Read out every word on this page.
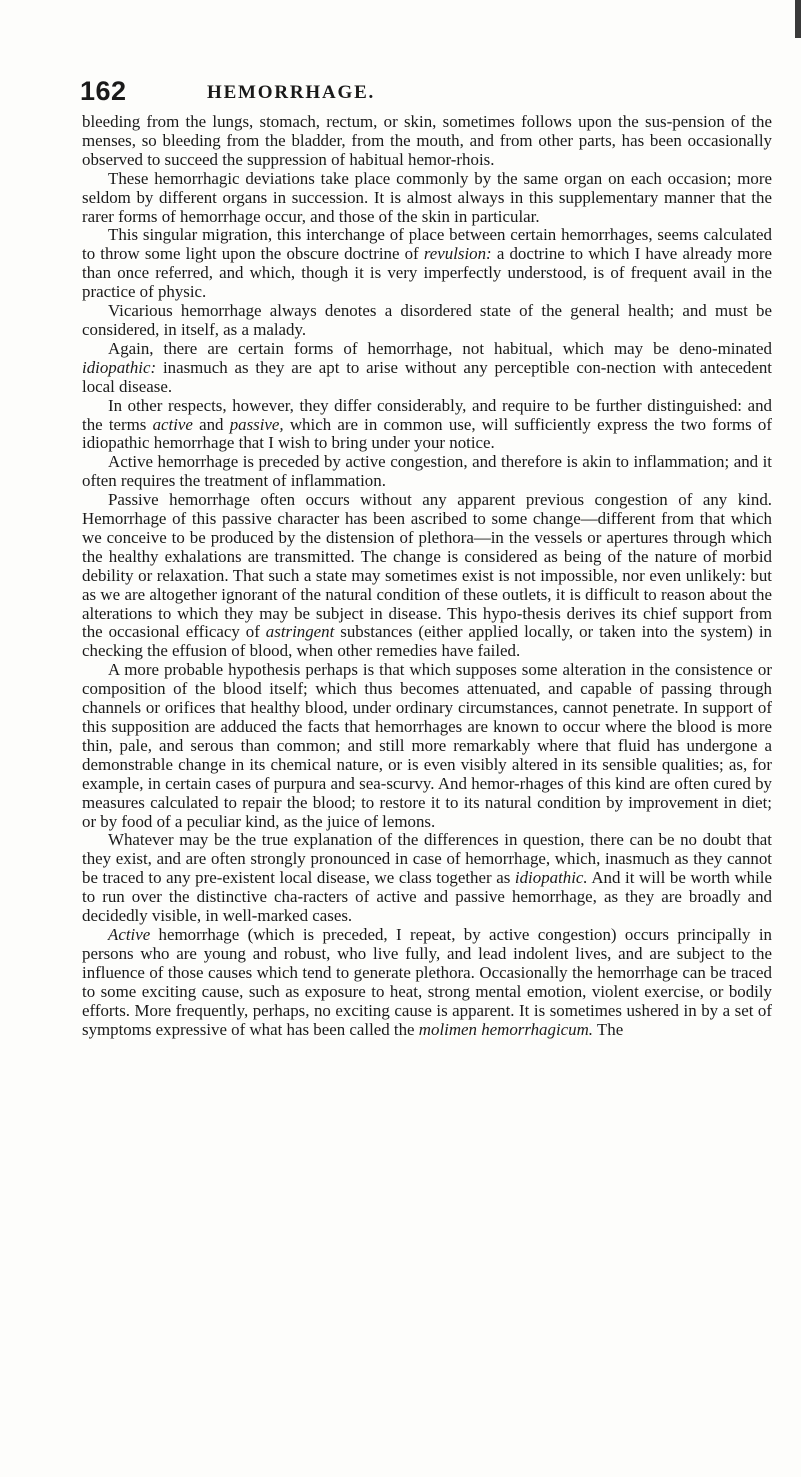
162	HEMORRHAGE.

bleeding from the lungs, stomach, rectum, or skin, sometimes follows upon the sus-pension of the menses, so bleeding from the bladder, from the mouth, and from other parts, has been occasionally observed to succeed the suppression of habitual hemor-rhois.

These hemorrhagic deviations take place commonly by the same organ on each occasion; more seldom by different organs in succession. It is almost always in this supplementary manner that the rarer forms of hemorrhage occur, and those of the skin in particular.

This singular migration, this interchange of place between certain hemorrhages, seems calculated to throw some light upon the obscure doctrine of revulsion: a doctrine to which I have already more than once referred, and which, though it is very imperfectly understood, is of frequent avail in the practice of physic.

Vicarious hemorrhage always denotes a disordered state of the general health; and must be considered, in itself, as a malady.

Again, there are certain forms of hemorrhage, not habitual, which may be deno-minated idiopathic: inasmuch as they are apt to arise without any perceptible con-nection with antecedent local disease.

In other respects, however, they differ considerably, and require to be further distinguished: and the terms active and passive, which are in common use, will sufficiently express the two forms of idiopathic hemorrhage that I wish to bring under your notice.

Active hemorrhage is preceded by active congestion, and therefore is akin to inflammation; and it often requires the treatment of inflammation.

Passive hemorrhage often occurs without any apparent previous congestion of any kind. Hemorrhage of this passive character has been ascribed to some change—different from that which we conceive to be produced by the distension of plethora—in the vessels or apertures through which the healthy exhalations are transmitted. The change is considered as being of the nature of morbid debility or relaxation. That such a state may sometimes exist is not impossible, nor even unlikely: but as we are altogether ignorant of the natural condition of these outlets, it is difficult to reason about the alterations to which they may be subject in disease. This hypo-thesis derives its chief support from the occasional efficacy of astringent substances (either applied locally, or taken into the system) in checking the effusion of blood, when other remedies have failed.

A more probable hypothesis perhaps is that which supposes some alteration in the consistence or composition of the blood itself; which thus becomes attenuated, and capable of passing through channels or orifices that healthy blood, under ordinary circumstances, cannot penetrate. In support of this supposition are adduced the facts that hemorrhages are known to occur where the blood is more thin, pale, and serous than common; and still more remarkably where that fluid has undergone a demonstrable change in its chemical nature, or is even visibly altered in its sensible qualities; as, for example, in certain cases of purpura and sea-scurvy. And hemor-rhages of this kind are often cured by measures calculated to repair the blood; to restore it to its natural condition by improvement in diet; or by food of a peculiar kind, as the juice of lemons.

Whatever may be the true explanation of the differences in question, there can be no doubt that they exist, and are often strongly pronounced in case of hemorrhage, which, inasmuch as they cannot be traced to any pre-existent local disease, we class together as idiopathic. And it will be worth while to run over the distinctive cha-racters of active and passive hemorrhage, as they are broadly and decidedly visible, in well-marked cases.

Active hemorrhage (which is preceded, I repeat, by active congestion) occurs principally in persons who are young and robust, who live fully, and lead indolent lives, and are subject to the influence of those causes which tend to generate plethora. Occasionally the hemorrhage can be traced to some exciting cause, such as exposure to heat, strong mental emotion, violent exercise, or bodily efforts. More frequently, perhaps, no exciting cause is apparent. It is sometimes ushered in by a set of symptoms expressive of what has been called the molimen hemorrhagicum. The
